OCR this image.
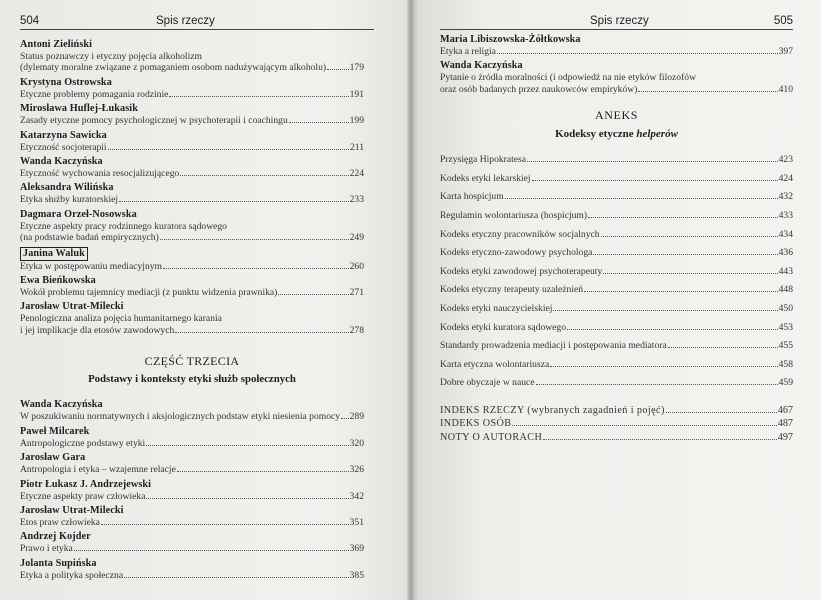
504	Spis rzeczy
Antoni Zieliński
Status poznawczy i etyczny pojęcia alkoholizm
(dylematy moralne związane z pomaganiem osobom nadużywającym alkoholu) 179
Krystyna Ostrowska
Etyczne problemy pomagania rodzinie	191
Mirosława Huflej-Łukasik
Zasady etyczne pomocy psychologicznej w psychoterapii i coachingu	199
Katarzyna Sawicka
Etyczność socjoterapii	211
Wanda Kaczyńska
Etyczność wychowania resocjalizującego	224
Aleksandra Wilińska
Etyka służby kuratorskiej	233
Dagmara Orzeł-Nosowska
Etyczne aspekty pracy rodzinnego kuratora sądowego
(na podstawie badań empirycznych)	249
Janina Waluk
Etyka w postępowaniu mediacyjnym	260
Ewa Bieńkowska
Wokół problemu tajemnicy mediacji (z punktu widzenia prawnika)	271
Jarosław Utrat-Milecki
Penologiczna analiza pojęcia humanitarnego karania
i jej implikacje dla etosów zawodowych	278
CZĘŚĆ TRZECIA
Podstawy i konteksty etyki służb społecznych
Wanda Kaczyńska
W poszukiwaniu normatywnych i aksjologicznych podstaw etyki niesienia pomocy 289
Paweł Milcarek
Antropologiczne podstawy etyki	320
Jarosław Gara
Antropologia i etyka – wzajemne relacje	326
Piotr Łukasz J. Andrzejewski
Etyczne aspekty praw człowieka	342
Jarosław Utrat-Milecki
Etos praw człowieka	351
Andrzej Kojder
Prawo i etyka	369
Jolanta Supińska
Etyka a polityka społeczna	385
Spis rzeczy	505
Maria Libiszowska-Żółtkowska
Etyka a religia	397
Wanda Kaczyńska
Pytanie o źródła moralności (i odpowiedź na nie etyków filozofów
oraz osób badanych przez naukowców empiryków)	410
ANEKS
Kodeksy etyczne helperów
Przysięga Hipokratesa	423
Kodeks etyki lekarskiej	424
Karta hospicjum	432
Regulamin wolontariusza (hospicjum)	433
Kodeks etyczny pracowników socjalnych	434
Kodeks etyczno-zawodowy psychologa	436
Kodeks etyki zawodowej psychoterapeuty	443
Kodeks etyczny terapeuty uzależnień	448
Kodeks etyki nauczycielskiej	450
Kodeks etyki kuratora sądowego	453
Standardy prowadzenia mediacji i postępowania mediatora	455
Karta etyczna wolontariusza	458
Dobre obyczaje w nauce	459
INDEKS RZECZY (wybranych zagadnień i pojęć)	467
INDEKS OSÓB	487
NOTY O AUTORACH	497
